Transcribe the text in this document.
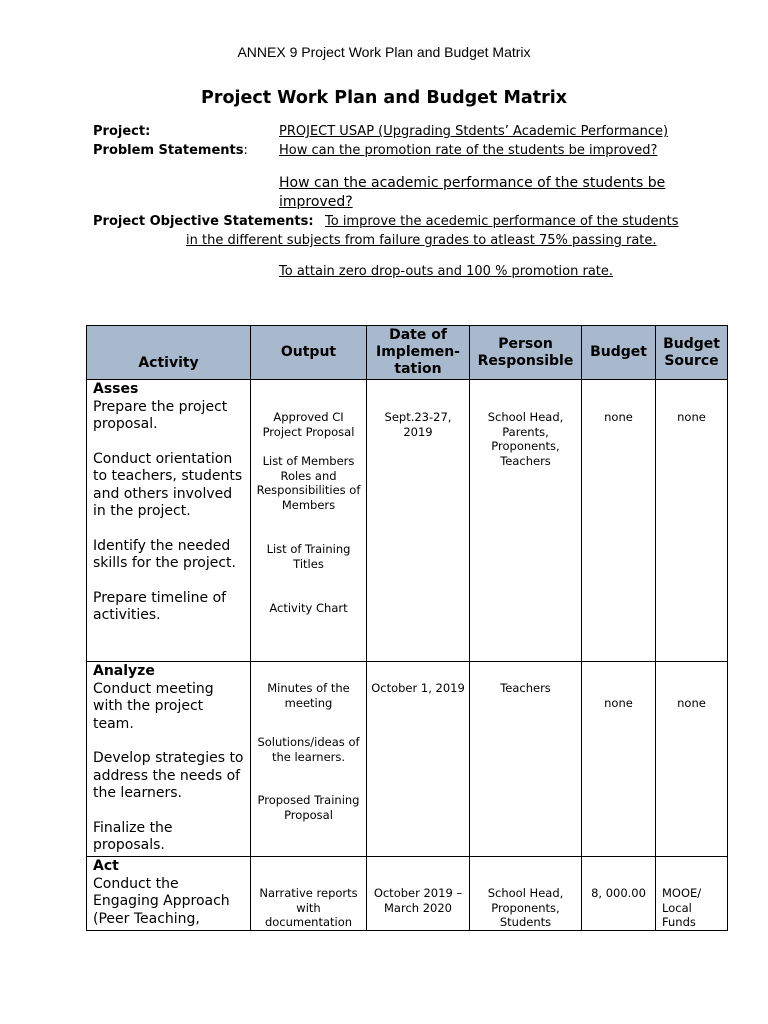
ANNEX 9 Project Work Plan and Budget Matrix
Project Work Plan and Budget Matrix
Project:	PROJECT USAP (Upgrading Stdents’ Academic Performance)
Problem Statements: How can the promotion rate of the students be improved?
How can the academic performance of the students be
improved?
Project Objective Statements: To improve the acedemic performance of the students
in the different subjects from failure grades to atleast 75% passing rate.
To attain zero drop-outs and 100 % promotion rate.
Activity	Output	Date of Implemen-tation	Person Responsible	Budget	Budget Source

Asses
Prepare the project proposal.
Conduct orientation to teachers, students and others involved in the project.
Identify the needed skills for the project.
Prepare timeline of activities.	Approved CI Project Proposal
List of Members Roles and Responsibilities of Members
List of Training Titles
Activity Chart	Sept.23-27, 2019	School Head, Parents, Proponents, Teachers	none	none

Analyze
Conduct meeting with the project team.
Develop strategies to address the needs of the learners.
Finalize the proposals.	Minutes of the meeting
Solutions/ideas of the learners.
Proposed Training Proposal	October 1, 2019	Teachers	none	none

Act
Conduct the Engaging Approach (Peer Teaching,	Narrative reports with documentation	October 2019 – March 2020	School Head, Proponents, Students	8, 000.00	MOOE/ Local Funds
